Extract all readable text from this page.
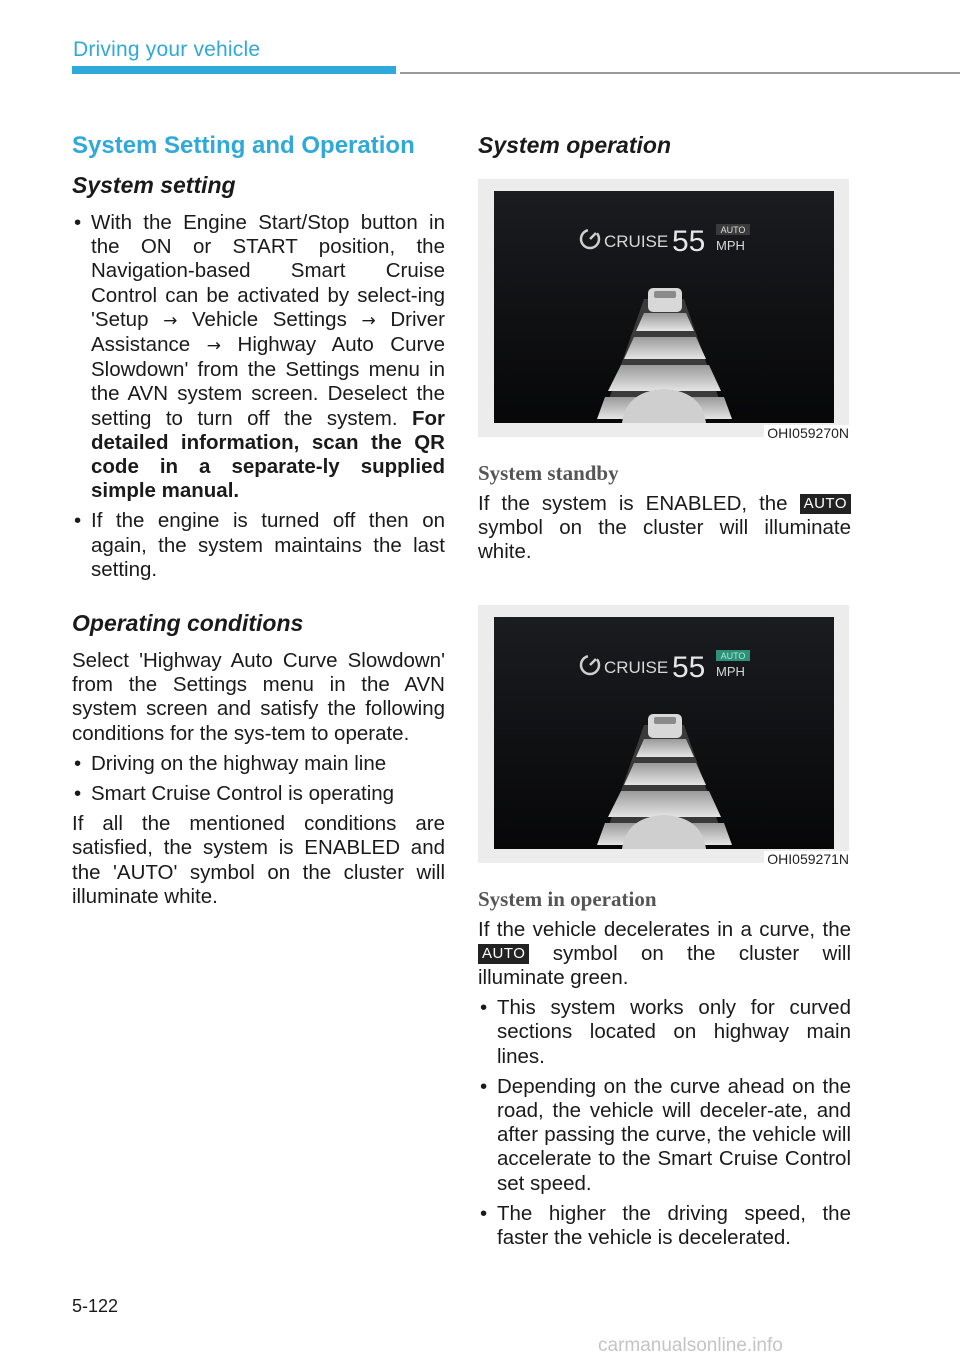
Driving your vehicle
System Setting and Operation
System setting

• With the Engine Start/Stop button in the ON or START position, the Navigation-based Smart Cruise Control can be activated by select-ing 'Setup → Vehicle Settings → Driver Assistance → Highway Auto Curve Slowdown' from the Settings menu in the AVN system screen. Deselect the setting to turn off the system. For detailed information, scan the QR code in a separate-ly supplied simple manual.

• If the engine is turned off then on again, the system maintains the last setting.

Operating conditions

Select 'Highway Auto Curve Slowdown' from the Settings menu in the AVN system screen and satisfy the following conditions for the sys-tem to operate.

• Driving on the highway main line

• Smart Cruise Control is operating

If all the mentioned conditions are satisfied, the system is ENABLED and the 'AUTO' symbol on the cluster will illuminate white.

System operation
CRUISE 55 AUTO
MPH
OHI059270N
System standby

If the system is ENABLED, the AUTO symbol on the cluster will illuminate white.

CRUISE 55 AUTO
MPH
OHI059271N
System in operation

If the vehicle decelerates in a curve, the AUTO symbol on the cluster will illuminate green.

• This system works only for curved sections located on highway main lines.

• Depending on the curve ahead on the road, the vehicle will deceler-ate, and after passing the curve, the vehicle will accelerate to the Smart Cruise Control set speed.

• The higher the driving speed, the faster the vehicle is decelerated.

5-122
carmanualsonline.info
